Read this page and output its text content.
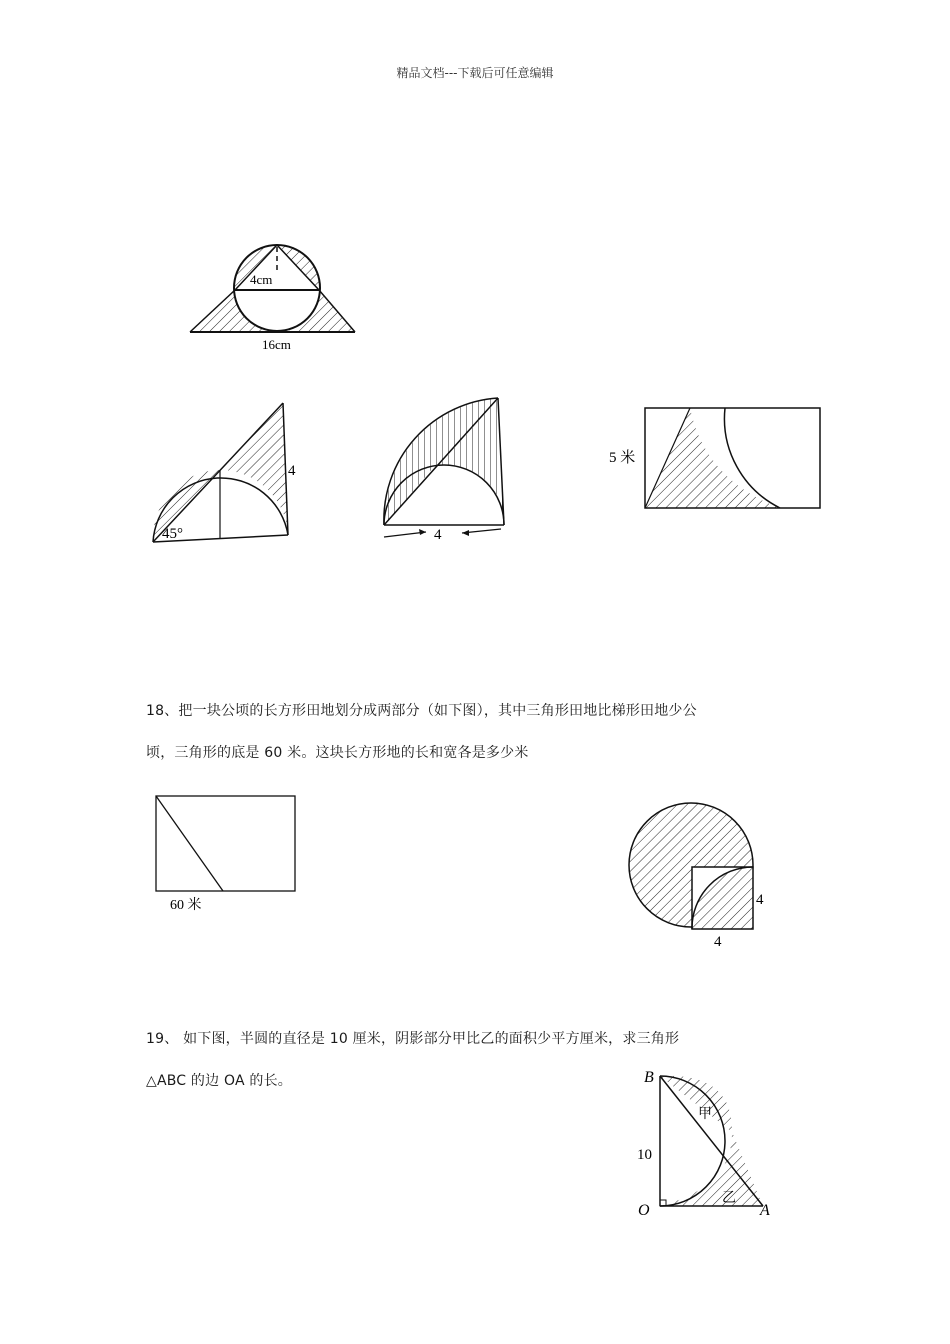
精品文档---下载后可任意编辑
4cm
16cm
45°
4
4
5 米
18、把一块公顷的长方形田地划分成两部分（如下图），其中三角形田地比梯形田地少公
顷，三角形的底是 60 米。这块长方形地的长和宽各是多少米
60 米	4
4
19、 如下图，半圆的直径是 10 厘米，阴影部分甲比乙的面积少平方厘米，求三角形
△ABC 的边 OA 的长。	B
10
O	A
甲
乙
